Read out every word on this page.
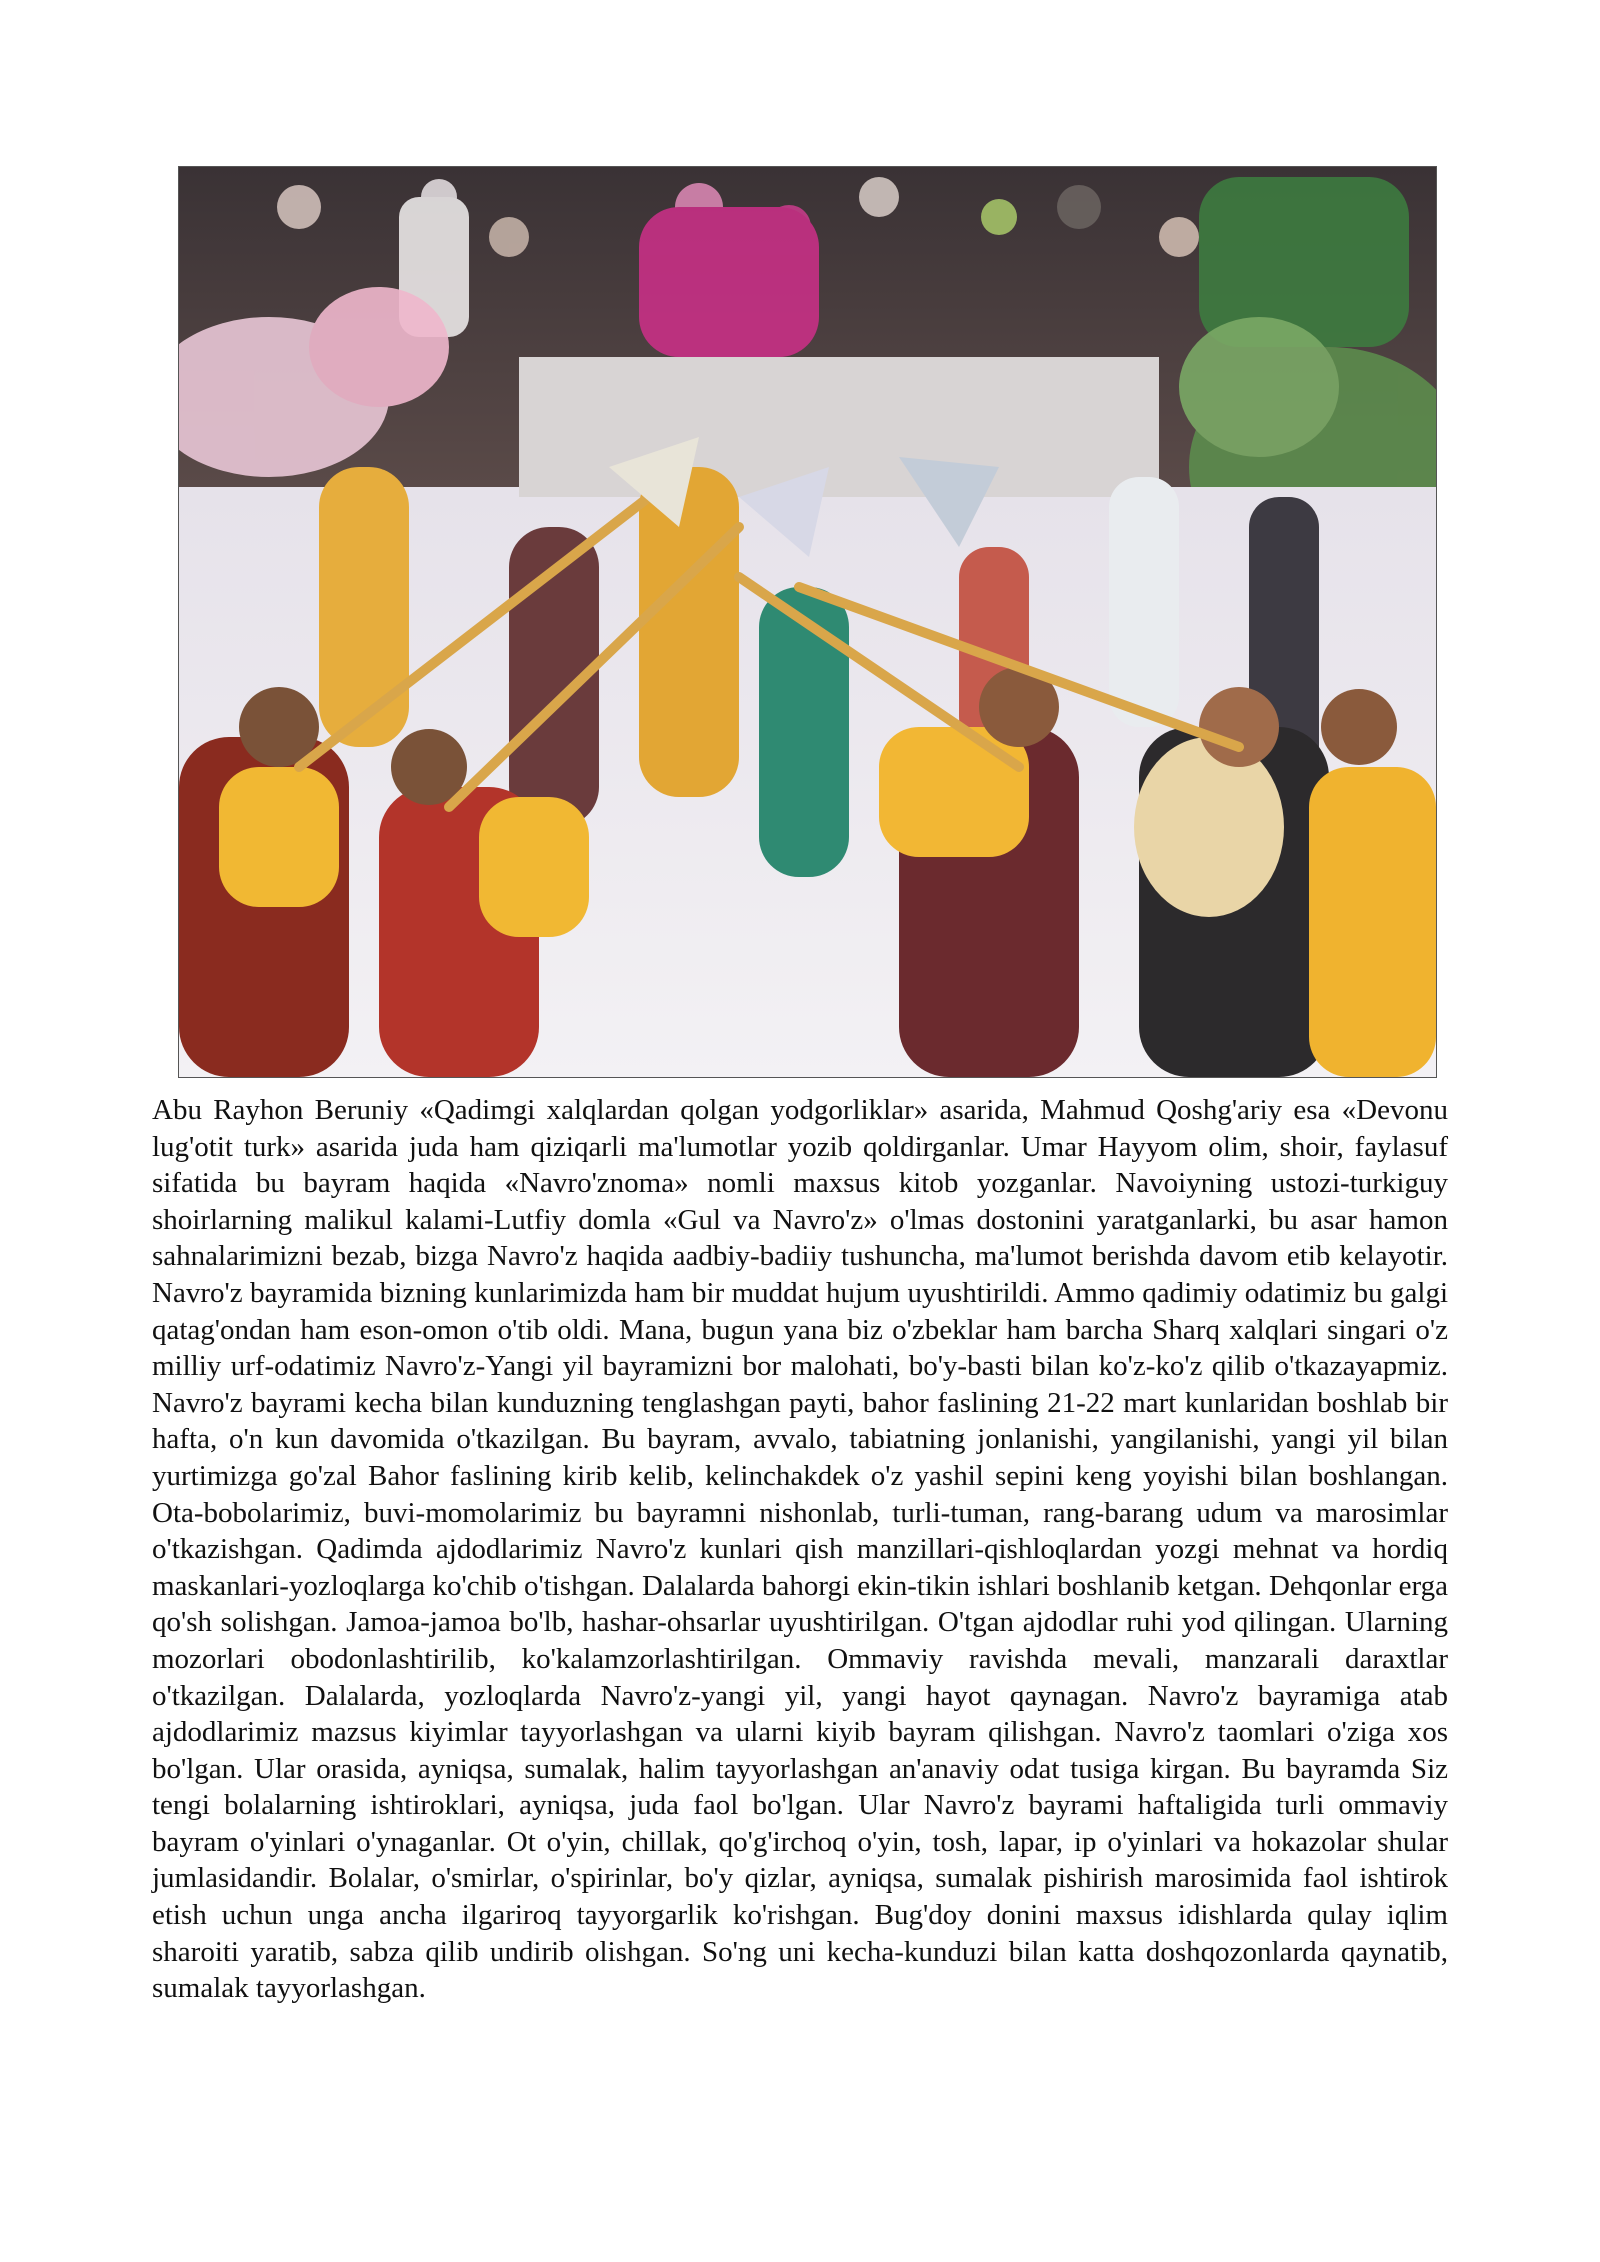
Abu Rayhon Beruniy «Qadimgi xalqlardan qolgan yodgorliklar» asarida, Mahmud Qoshg'ariy esa «Devonu lug'otit turk» asarida juda ham qiziqarli ma'lumotlar yozib qoldirganlar. Umar Hayyom olim, shoir, faylasuf sifatida bu bayram haqida «Navro'znoma» nomli maxsus kitob yozganlar. Navoiyning ustozi-turkiguy shoirlarning malikul kalami-Lutfiy domla «Gul va Navro'z» o'lmas dostonini yaratganlarki, bu asar hamon sahnalarimizni bezab, bizga Navro'z haqida aadbiy-badiiy tushuncha, ma'lumot berishda davom etib kelayotir. Navro'z bayramida bizning kunlarimizda ham bir muddat hujum uyushtirildi. Ammo qadimiy odatimiz bu galgi qatag'ondan ham eson-omon o'tib oldi. Mana, bugun yana biz o'zbeklar ham barcha Sharq xalqlari singari o'z milliy urf-odatimiz Navro'z-Yangi yil bayramizni bor malohati, bo'y-basti bilan ko'z-ko'z qilib o'tkazayapmiz. Navro'z bayrami kecha bilan kunduzning tenglashgan payti, bahor faslining 21-22 mart kunlaridan boshlab bir hafta, o'n kun davomida o'tkazilgan. Bu bayram, avvalo, tabiatning jonlanishi, yangilanishi, yangi yil bilan yurtimizga go'zal Bahor faslining kirib kelib, kelinchakdek o'z yashil sepini keng yoyishi bilan boshlangan. Ota-bobolarimiz, buvi-momolarimiz bu bayramni nishonlab, turli-tuman, rang-barang udum va marosimlar o'tkazishgan. Qadimda ajdodlarimiz Navro'z kunlari qish manzillari-qishloqlardan yozgi mehnat va hordiq maskanlari-yozloqlarga ko'chib o'tishgan. Dalalarda bahorgi ekin-tikin ishlari boshlanib ketgan. Dehqonlar erga qo'sh solishgan. Jamoa-jamoa bo'lb, hashar-ohsarlar uyushtirilgan. O'tgan ajdodlar ruhi yod qilingan. Ularning mozorlari obodonlashtirilib, ko'kalamzorlashtirilgan. Ommaviy ravishda mevali, manzarali daraxtlar o'tkazilgan. Dalalarda, yozloqlarda Navro'z-yangi yil, yangi hayot qaynagan. Navro'z bayramiga atab ajdodlarimiz mazsus kiyimlar tayyorlashgan va ularni kiyib bayram qilishgan. Navro'z taomlari o'ziga xos bo'lgan. Ular orasida, ayniqsa, sumalak, halim tayyorlashgan an'anaviy odat tusiga kirgan. Bu bayramda Siz tengi bolalarning ishtiroklari, ayniqsa, juda faol bo'lgan. Ular Navro'z bayrami haftaligida turli ommaviy bayram o'yinlari o'ynaganlar. Ot o'yin, chillak, qo'g'irchoq o'yin, tosh, lapar, ip o'yinlari va hokazolar shular jumlasidandir. Bolalar, o'smirlar, o'spirinlar, bo'y qizlar, ayniqsa, sumalak pishirish marosimida faol ishtirok etish uchun unga ancha ilgariroq tayyorgarlik ko'rishgan. Bug'doy donini maxsus idishlarda qulay iqlim sharoiti yaratib, sabza qilib undirib olishgan. So'ng uni kecha-kunduzi bilan katta doshqozonlarda qaynatib, sumalak tayyorlashgan.
